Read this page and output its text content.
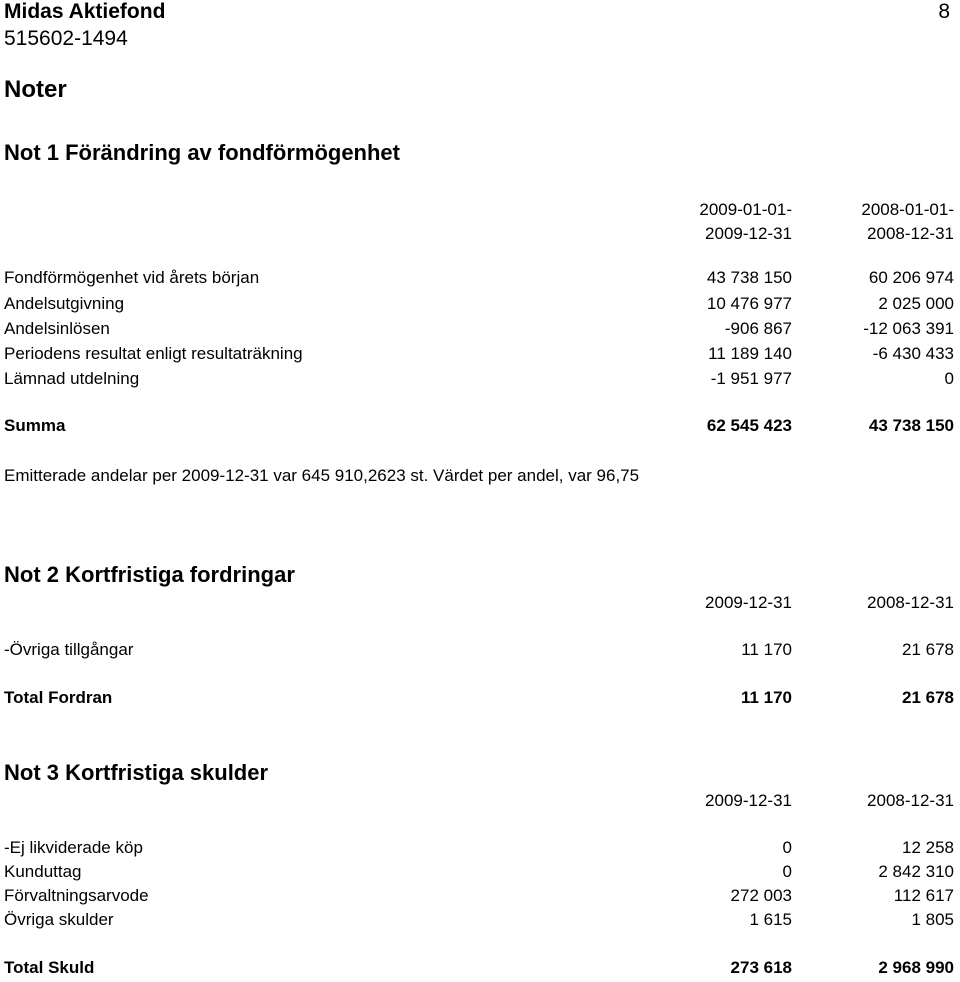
Midas Aktiefond
515602-1494
8
Noter
Not 1 Förändring av fondförmögenhet
2009-01-01-	2008-01-01-
2009-12-31	2008-12-31
Fondförmögenhet vid årets början	43 738 150	60 206 974
Andelsutgivning	10 476 977	2 025 000
Andelsinlösen	-906 867	-12 063 391
Periodens resultat enligt resultaträkning	11 189 140	-6 430 433
Lämnad utdelning	-1 951 977	0
Summa	62 545 423	43 738 150
Emitterade andelar per 2009-12-31 var 645 910,2623 st. Värdet per andel, var 96,75
Not 2 Kortfristiga fordringar
2009-12-31	2008-12-31
-Övriga tillgångar	11 170	21 678
Total Fordran	11 170	21 678
Not 3 Kortfristiga skulder
2009-12-31	2008-12-31
-Ej likviderade köp	0	12 258
Kunduttag	0	2 842 310
Förvaltningsarvode	272 003	112 617
Övriga skulder	1 615	1 805
Total Skuld	273 618	2 968 990
